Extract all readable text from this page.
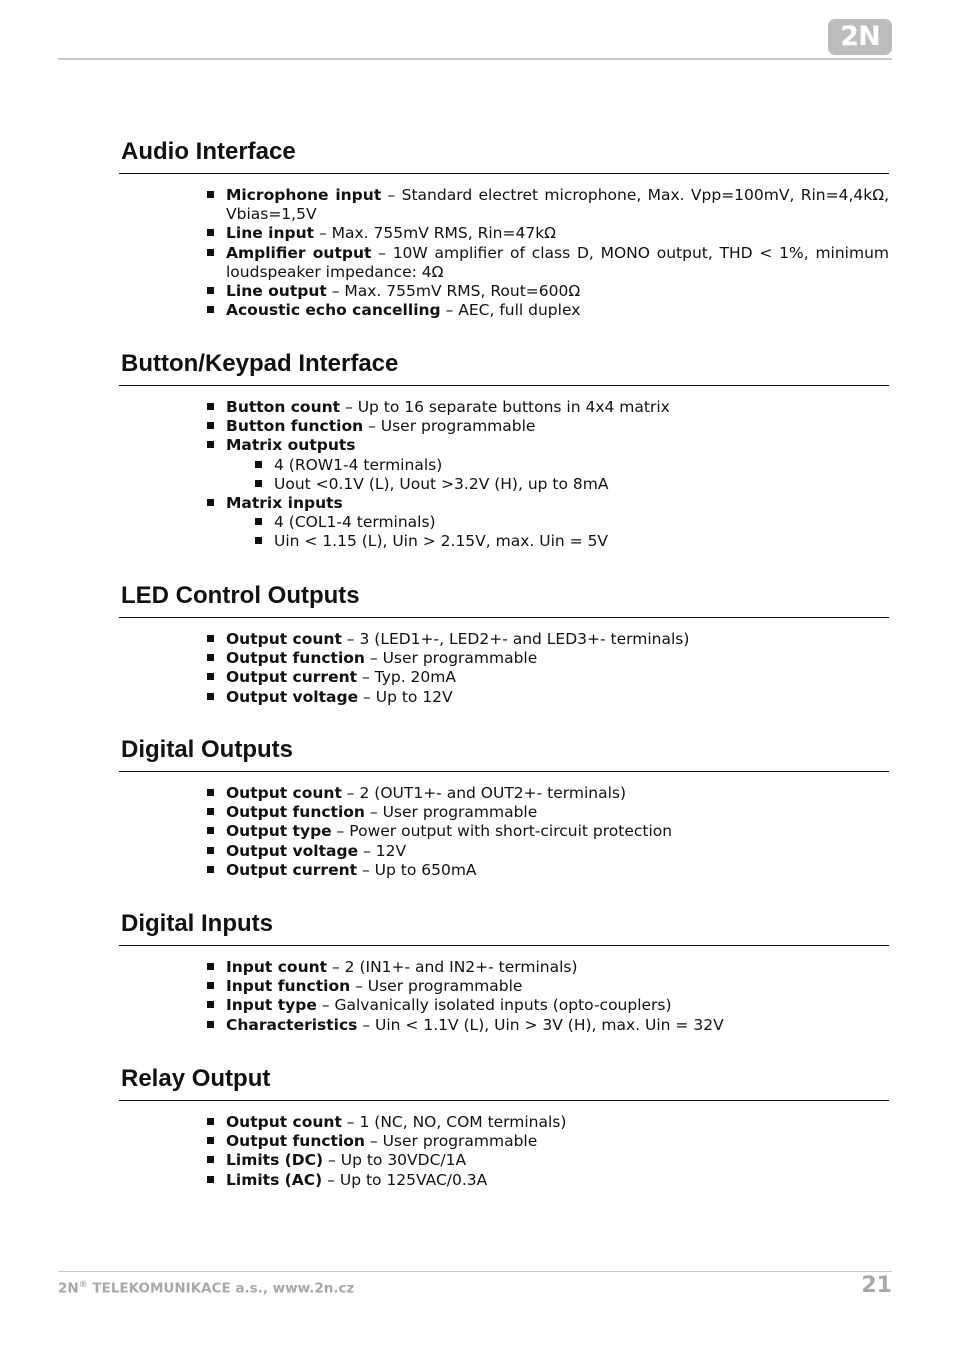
2N
Audio Interface
Microphone input – Standard electret microphone, Max. Vpp=100mV, Rin=4,4kΩ, Vbias=1,5V
Line input – Max. 755mV RMS, Rin=47kΩ
Amplifier output – 10W amplifier of class D, MONO output, THD < 1%, minimum loudspeaker impedance: 4Ω
Line output – Max. 755mV RMS, Rout=600Ω
Acoustic echo cancelling – AEC, full duplex
Button/Keypad Interface
Button count – Up to 16 separate buttons in 4x4 matrix
Button function – User programmable
Matrix outputs
4 (ROW1-4 terminals)
Uout <0.1V (L), Uout >3.2V (H), up to 8mA
Matrix inputs
4 (COL1-4 terminals)
Uin < 1.15 (L), Uin > 2.15V, max. Uin = 5V
LED Control Outputs
Output count – 3 (LED1+-, LED2+- and LED3+- terminals)
Output function – User programmable
Output current – Typ. 20mA
Output voltage – Up to 12V
Digital Outputs
Output count – 2 (OUT1+- and OUT2+- terminals)
Output function – User programmable
Output type – Power output with short-circuit protection
Output voltage – 12V
Output current – Up to 650mA
Digital Inputs
Input count – 2 (IN1+- and IN2+- terminals)
Input function – User programmable
Input type – Galvanically isolated inputs (opto-couplers)
Characteristics – Uin < 1.1V (L), Uin > 3V (H), max. Uin = 32V
Relay Output
Output count – 1 (NC, NO, COM terminals)
Output function – User programmable
Limits (DC) – Up to 30VDC/1A
Limits (AC) – Up to 125VAC/0.3A
2N® TELEKOMUNIKACE a.s., www.2n.cz	21
